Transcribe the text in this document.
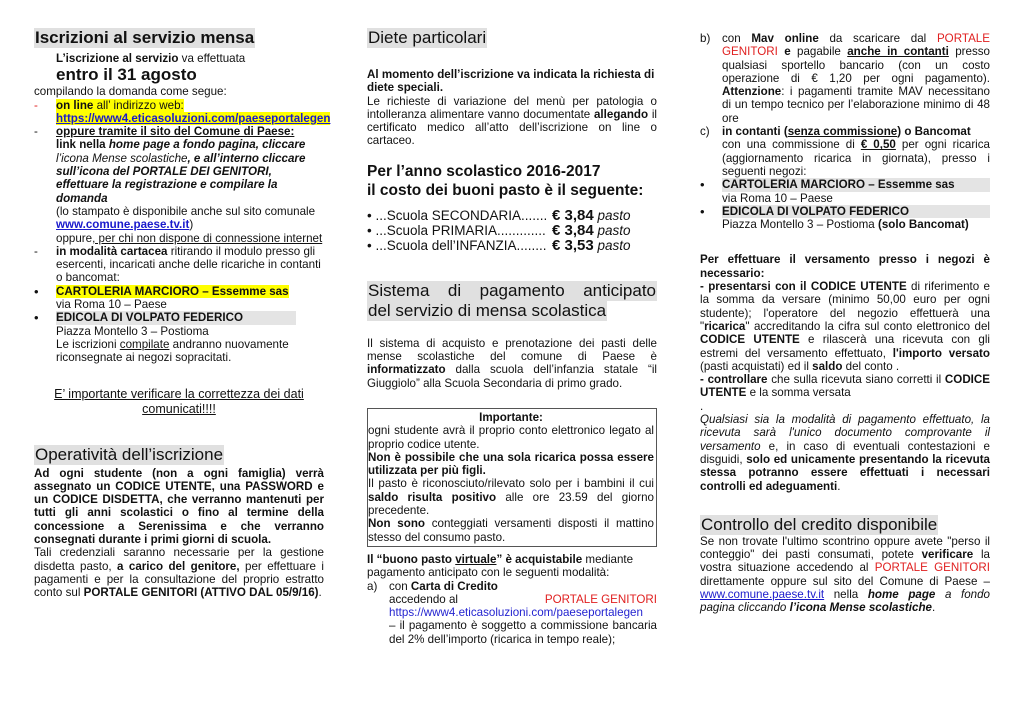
Iscrizioni al servizio mensa

L’iscrizione al servizio va effettuata

entro il 31 agosto

compilando la domanda come segue:

-	on line all’ indirizzo web:
https://www4.eticasoluzioni.com/paeseportalegen
-	oppure tramite il sito del Comune di Paese:
link nella home page a fondo pagina, cliccare
l’icona Mense scolastiche, e all’interno cliccare
sull’icona del PORTALE DEI GENITORI,
effettuare la registrazione e compilare la
domanda
(lo stampato è disponibile anche sul sito comunale
www.comune.paese.tv.it)
oppure, per chi non dispone di connessione internet
-	in modalità cartacea ritirando il modulo presso gli esercenti, incaricati anche delle ricariche in contanti o bancomat:
•	CARTOLERIA MARCIORO – Essemme sas
via Roma 10 – Paese
•	EDICOLA DI VOLPATO FEDERICO
Piazza Montello 3 – Postioma

Le iscrizioni compilate andranno nuovamente riconsegnate ai negozi sopracitati.

E’ importante verificare la correttezza dei dati comunicati!!!!

Operatività dell’iscrizione

Ad ogni studente (non a ogni famiglia) verrà assegnato un CODICE UTENTE, una PASSWORD e un CODICE DISDETTA, che verranno mantenuti per tutti gli anni scolastici o fino al termine della concessione a Serenissima e che verranno consegnati durante i primi giorni di scuola.

Tali credenziali saranno necessarie per la gestione disdetta pasto, a carico del genitore, per effettuare i pagamenti e per la consultazione del proprio estratto conto sul PORTALE GENITORI (ATTIVO DAL 05/9/16).

Diete particolari

Al momento dell’iscrizione va indicata la richiesta di diete speciali.

Le richieste di variazione del menù per patologia o intolleranza alimentare vanno documentate allegando il certificato medico all’atto dell’iscrizione on line o cartaceo.

Per l’anno scolastico 2016-2017

il costo dei buoni pasto è il seguente:

• ...Scuola SECONDARIA....... € 3,84
pasto
• ...Scuola PRIMARIA............. € 3,84
pasto
• ...Scuola dell’INFANZIA........ € 3,53
pasto
Sistema di pagamento anticipato del servizio di mensa scolastica

Il sistema di acquisto e prenotazione dei pasti delle mense scolastiche del comune di Paese è informatizzato dalla scuola dell’infanzia statale “il Giuggiolo” alla Scuola Secondaria di primo grado.

Importante:

ogni studente avrà il proprio conto elettronico legato al proprio codice utente.

Non è possibile che una sola ricarica possa essere utilizzata per più figli.

Il pasto è riconosciuto/rilevato solo per i bambini il cui saldo risulta positivo alle ore 23.59 del giorno precedente.

Non sono conteggiati versamenti disposti il mattino stesso del consumo pasto.

Il “buono pasto virtuale” è acquistabile mediante pagamento anticipato con le seguenti modalità:

a)	con Carta di Credito

accedendo al	PORTALE GENITORI
https://www4.eticasoluzioni.com/paeseportalegen

– il pagamento è soggetto a commissione bancaria del 2% dell’importo (ricarica in tempo reale);
b)	con Mav online da scaricare dal PORTALE GENITORI e pagabile anche in contanti presso qualsiasi sportello bancario (con un costo operazione di € 1,20 per ogni pagamento). Attenzione: i pagamenti tramite MAV necessitano di un tempo tecnico per l’elaborazione minimo di 48 ore
c)	in contanti (senza commissione) o Bancomat
con una commissione di € 0,50 per ogni ricarica (aggiornamento ricarica in giornata), presso i seguenti negozi:
•	CARTOLERIA MARCIORO – Essemme sas
via Roma 10 – Paese
•	EDICOLA DI VOLPATO FEDERICO
Piazza Montello 3 – Postioma (solo Bancomat)

Per effettuare il versamento presso i negozi è necessario:

- presentarsi con il CODICE UTENTE di riferimento e la somma da versare (minimo 50,00 euro per ogni studente); l'operatore del negozio effettuerà una "ricarica" accreditando la cifra sul conto elettronico del CODICE UTENTE e rilascerà una ricevuta con gli estremi del versamento effettuato, l'importo versato (pasti acquistati) ed il saldo del conto .

- controllare che sulla ricevuta siano corretti il CODICE UTENTE e la somma versata

.

Qualsiasi sia la modalità di pagamento effettuato, la ricevuta sarà l'unico documento comprovante il versamento e, in caso di eventuali contestazioni e disguidi, solo ed unicamente presentando la ricevuta stessa potranno essere effettuati i necessari controlli ed adeguamenti.

Controllo del credito disponibile

Se non trovate l'ultimo scontrino oppure avete "perso il conteggio" dei pasti consumati, potete verificare la vostra situazione accedendo al PORTALE GENITORI direttamente oppure sul sito del Comune di Paese – www.comune.paese.tv.it nella home page a fondo pagina cliccando l’icona Mense scolastiche.
